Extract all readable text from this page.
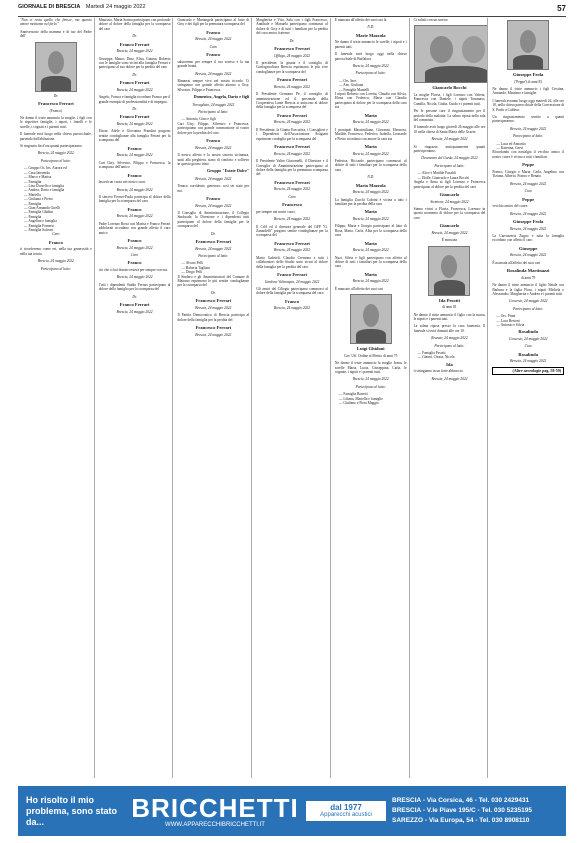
GIORNALE DI BRESCIA Martedì 24 maggio 2022	57

"Non ci resta quello che finisce, ma quanto amore mettiamo nel farlo."

Anniversario della mamma e di tuo del Padre dell'

Dr.

Francesco Ferrari

(Franco)

Ne danno il triste annuncio la moglie, i figli con le rispettive famiglie, i nipoti, i fratelli e le sorelle, i cognati e i parenti tutti.

Il funerale avrà luogo nella chiesa parrocchiale, partendo dall'abitazione.

Si ringrazia fin d'ora quanti parteciperanno.

Brescia, 24 maggio 2022

Partecipano al lutto:

— Gruppo Os. Ins. Aurora ed
— Casa Iaterenda
— Marco e Marisa
— Famiglia
— Lino Dorsello e famiglia
— Andrea, Dario e famiglia
— Mariella
— Giuliana e Pietro
— Famiglia
— Gian Armando Girelli
— Famiglia Ghidini
— Famiglia
— Angelina e famiglia
— Famiglia Fomerio
— Famiglia Salvoni

Caro

Franco

ti ricorderemo come eri, nella tua generosità e nella tua ironia.

Brescia, 24 maggio 2022

Partecipano al lutto:

Maurizio, Maria Sorina partecipano con profondo dolore al dolore della famiglia per la scomparsa del caro

Dr.

Franco Ferrari

Brescia, 24 maggio 2022

Giuseppe, Mauro, Dino, Elisa, Gianna, Roberto con le famiglie sono vicini alla famiglia Ferrari e partecipano al suo dolore per la perdita del caro

Dr.

Franco Ferrari

Brescia, 24 maggio 2022

Angelo, Franca e famiglia ricordano Franco per il grande esempio di professionalità e di impegno.

Dr.

Franco Ferrari

Brescia, 24 maggio 2022

Ettore, Adele e Giovanna Prandini porgono sentite condoglianze alla famiglia Ferrari per la scomparsa del

Franco

Brescia, 24 maggio 2022

Cari Gisy, Silvestro, Filippo e Francesca, la scomparsa dell'amico

Franco

lascerà un vuoto nei nostri cuori.

Brescia, 24 maggio 2022

Il sincero Ferrari-Paola partecipa al dolore della famiglia per la scomparsa del caro

Franco

Brescia, 24 maggio 2022

Padre Lorenzo Rossi con Marisa e Franco Ferrari addolorati ricordano con grande affetto il caro amico

Franco

Brescia, 24 maggio 2022

Caro

Franco

ciò che ci hai donato resterà per sempre con noi.

Brescia, 24 maggio 2022

Tutti i dipendenti Studio Ferrari partecipano al dolore della famiglia per la scomparsa del

Dr.

Franco Ferrari

Brescia, 24 maggio 2022

Giancarlo e Mariangela partecipano al lutto di Gisy e dei figli per la prematura scomparsa del

Franco

Brescia, 24 maggio 2022

Caro

Franco

saluteremo per sempre il tuo sorriso e la tua grande bontà.

Brescia, 24 maggio 2022

Rimarrai sempre vivo nel nostro ricordo. Ci stringiamo con grande affetto attorno a Gisy, Silvestro, Filippo e Francesca.

Domenico, Angela, Dario e figli

Travagliato, 24 maggio 2022

Partecipano al lutto:

— Antonio, Gino e figli

Cari Gisy, Filippo, Silvestro e Francesca, partecipiamo con grande commozione al vostro dolore per la perdita del caro

Franco

Brescia, 24 maggio 2022

Il nostro affetto e la nostra sincera vicinanza, uniti alla preghiera, siano di conforto e sollievo in questo giorno triste.

Gruppo "Estate Dolce"

Brescia, 24 maggio 2022

Tenace, sorridente, generoso: così sei stato per noi.

Franco

Brescia, 24 maggio 2022

Il Consiglio di Amministrazione, il Collegio Sindacale, la Direzione e i dipendenti tutti partecipano al dolore della famiglia per la scomparsa del

Dr.

Francesco Ferrari

Brescia, 24 maggio 2022

Partecipano al lutto:

— Alvaro Pelli
— Roberta Tagliani
— Diego Pelli

Il Sindaco e gli Amministratori del Comune di Mairano esprimono le più sentite condoglianze per la scomparsa del

Dr.

Francesco Ferrari

Brescia, 24 maggio 2022

Il Partito Democratico di Brescia partecipa al dolore della famiglia per la perdita del

Francesco Ferrari

Brescia, 24 maggio 2022

Margherita e Vito, Sala con i figli Francesco, Annibale e Manuela partecipano commossi al dolore di Gisy e di tutti i familiari per la perdita del caro amico fraterno

Dr.

Francesco Ferrari

Offlaga, 24 maggio 2022

Il presidente, la giunta e il consiglio di Confagricoltura Brescia esprimono le più vive condoglianze per la scomparsa del

Franco Ferrari

Brescia, 24 maggio 2022

Il Presidente Germano Pè, il consiglio di amministrazione ed il personale della Cooperativa Lante Brescia si uniscono al dolore della famiglia per la scomparsa del

Franco Ferrari

Brescia, 24 maggio 2022

Il Presidente, la Giunta Esecutiva, i Consiglieri e i Dipendenti dell'Associazione Artigiani esprimono cordoglio per la scomparsa del

Francesco Ferrari

Brescia, 24 maggio 2022

Il Presidente Valter Giacomelli, il Direttore e il Consiglio di Amministrazione partecipano al dolore della famiglia per la prematura scomparsa del

Francesco Ferrari

Brescia, 24 maggio 2022

Caro

Francesco

per sempre nei nostri cuori.

Brescia, 24 maggio 2022

Il CdA ed il direttore generale del GFP "G. Zanardelli" porgono sentite condoglianze per la scomparsa del

Francesco Ferrari

Brescia, 24 maggio 2022

Mario Gabrieli, Claudio Cremona e tutti i collaboratori dello Studio sono vicini al dolore della famiglia per la perdita del caro

Franco Ferrari

Gardone Valtrompia, 24 maggio 2022

Gli amici del Ciliegio partecipano commossi al dolore della famiglia per la scomparsa del caro

Franco

Brescia, 24 maggio 2022

È mancata all'affetto dei suoi cari la

N.D.

Marie Mazzola

Ne danno il triste annuncio le sorelle, i nipoti e i parenti tutti.

Il funerale avrà luogo oggi nella chiesa parrocchiale di Buffalora.

Brescia, 24 maggio 2022

Partecipano al lutto:

— Ors. Ines
— Ans. Giuliana
— Famiglia Mantelli

I nipoti Roberto con Loretta, Claudia con Silvia, Elena con Federica, Maria con Claudio partecipano al dolore per la scomparsa della cara zia

Maria

Brescia, 24 maggio 2022

I pronipoti Massimiliano, Giovanni, Eleonora, Matilde, Francesco, Federico, Isabella, Leonardo e Pietro ricordano con amore la cara zia

Maria

Brescia, 24 maggio 2022

Federica, Riccardo partecipano commossi al dolore di tutti i familiari per la scomparsa della cara

N.D.

Maria Mazzola

Brescia, 24 maggio 2022

La famiglia Zucchi Cabrini è vicina a tutti i familiari per la perdita della cara

Maria

Brescia, 24 maggio 2022

Filippo, Maria e Giorgio partecipano al lutto di Rosa, Mario, Carla, Alba per la scomparsa della cara

Maria

Brescia, 24 maggio 2022

Nuzi, Silvia e figli partecipano con affetto al dolore di tutti i familiari per la scomparsa della cara

Maria

Brescia, 24 maggio 2022

È mancato all'affetto dei suoi cari

Luigi Ghidoni

Cav. Uff. Ordine al Merito di anni 75

Ne danno il triste annuncio la moglie Ivana, le sorelle Maria, Lucia, Giuseppina, Carla, le cognate, i nipoti e i parenti tutti.

Brescia, 24 maggio 2022

Partecipano al lutto:

— Famiglia Bonetti
— Liliana, Mariella e famiglie
— Giuliano e Piera Maggio

Ci salutò con un sorriso

Giancarlo Bocchi

La moglie Flavia, i figli Lorenzo con Valeria, Francesca con Daniele, i nipoti Tommaso, Camilla, Nicola, Giulia, Guido e i parenti tutti.

Per le persone care il ringraziamento per il periodo della malattia. La salma riposa nella sala del commiato.

Il funerale avrà luogo giovedì 26 maggio alle ore 10 nella chiesa di Santa Maria delle Grazie.

Brescia, 24 maggio 2022

Si ringrazia anticipatamente quanti parteciperanno.

Desenzano del Garda, 24 maggio 2022

Partecipano al lutto:

— Alice e Matilde Fusaldi
— Ehdle, Giancarlo e Laura Bocchi

Angela e Anna ai figli Lorenzo e Francesca partecipano al dolore per la perdita del caro

Giancarlo

Sirmione, 24 maggio 2022

Siamo vicini a Flavia, Francesca, Lorenzo in questo momento di dolore per la scomparsa del caro

Giancarlo

Brescia, 24 maggio 2022

È mancata

Ida Pesotti

di anni 81

Ne danno il triste annuncio il figlio con la nuora, le nipoti e i parenti tutti.

La salma riposa presso la casa funeraria. Il funerale si terrà domani alle ore 10.

Rezzato, 24 maggio 2022

Partecipano al lutto:

— Famiglia Pesotti
— Gianni, Cinzia, Nicola

Ida

ti stringiamo in un forte abbraccio.

Brescia, 24 maggio 2022

Giuseppe Feola

('Peppe') di anni 83

Ne danno il triste annuncio i figli Cristina, Armando, Massimo e famiglie.

I funerali avranno luogo oggi martedì 24, alle ore 10, nella chiesa parrocchiale della Conversione di S. Paolo a Caldera.

Un ringraziamento sentito a quanti parteciperanno.

Brescia, 24 maggio 2022

Partecipano al lutto:

— Luca ed Annarita
— Katerina, Gervi

Ricordando con nostalgia il vecchio amico il nostro cuore è vicino a tutti i familiari.

Peppe

Franco, Giorgio e Maria, Carla, Angelino con Tiziana, Alberto, Franco e Renato.

Brescia, 24 maggio 2022

Ciao

Peppe

vecchio amico del cuore.

Brescia, 24 maggio 2022

Giuseppe Feola

Brescia, 24 maggio 2022

La Carrozzeria Zugno e tutta la famiglia ricordano con affetto il caro

Giuseppe

Brescia, 24 maggio 2022

È mancata all'affetto dei suoi cari

Rosalinda Martinazzi

di anni 79

Ne danno il triste annuncio il figlio Natale con Barbara e la figlia Flora, i nipoti Michela e Alessandro, Margherita e Andrea e i parenti tutti.

Concesio, 24 maggio 2022

Partecipano al lutto:

— Ors. Pinni
— Luca Bertoni
— Antonio e Silvia

Rosalinda

Concesio, 24 maggio 2022

Ciao

Rosalinda

Brescia, 24 maggio 2022

(Altre necrologie pag. 58-59)

Ho risolto il mio problema, sono stato da...	BRICCHETTI
WWW.APPARECCHIBRICCHETTI.IT
dal 1977
Apparecchi acustici
BRESCIA - Via Corsica, 46 - Tel. 030 2429431
BRESCIA - V.le Piave 195/C - Tel. 030 5235195
SAREZZO - Via Europa, 54 - Tel. 030 8908110
